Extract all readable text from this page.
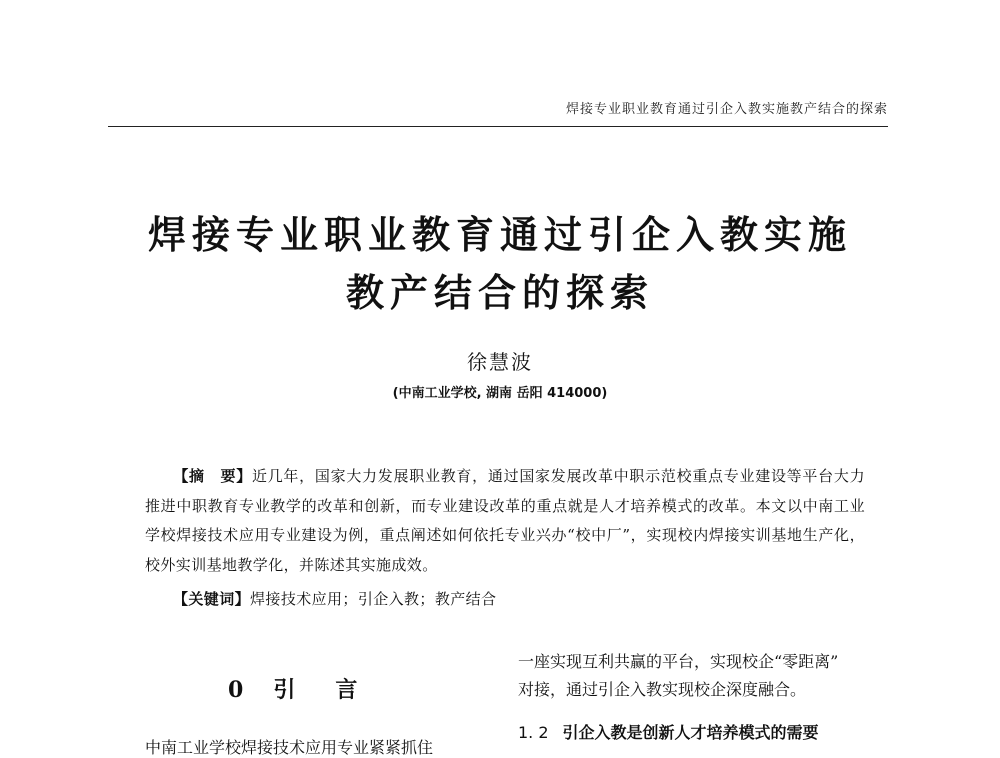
焊接专业职业教育通过引企入教实施教产结合的探索
焊接专业职业教育通过引企入教实施
教产结合的探索
徐慧波
(中南工业学校, 湖南 岳阳 414000)
【摘　要】近几年，国家大力发展职业教育，通过国家发展改革中职示范校重点专业建设等平台大力推进中职教育专业教学的改革和创新，而专业建设改革的重点就是人才培养模式的改革。本文以中南工业学校焊接技术应用专业建设为例，重点阐述如何依托专业兴办“校中厂”，实现校内焊接实训基地生产化，校外实训基地教学化，并陈述其实施成效。
【关键词】焊接技术应用；引企入教；教产结合
0 引 言
中南工业学校焊接技术应用专业紧紧抓住

一座实现互利共赢的平台，实现校企“零距离”

对接，通过引企入教实现校企深度融合。

1. 2 引企入教是创新人才培养模式的需要
